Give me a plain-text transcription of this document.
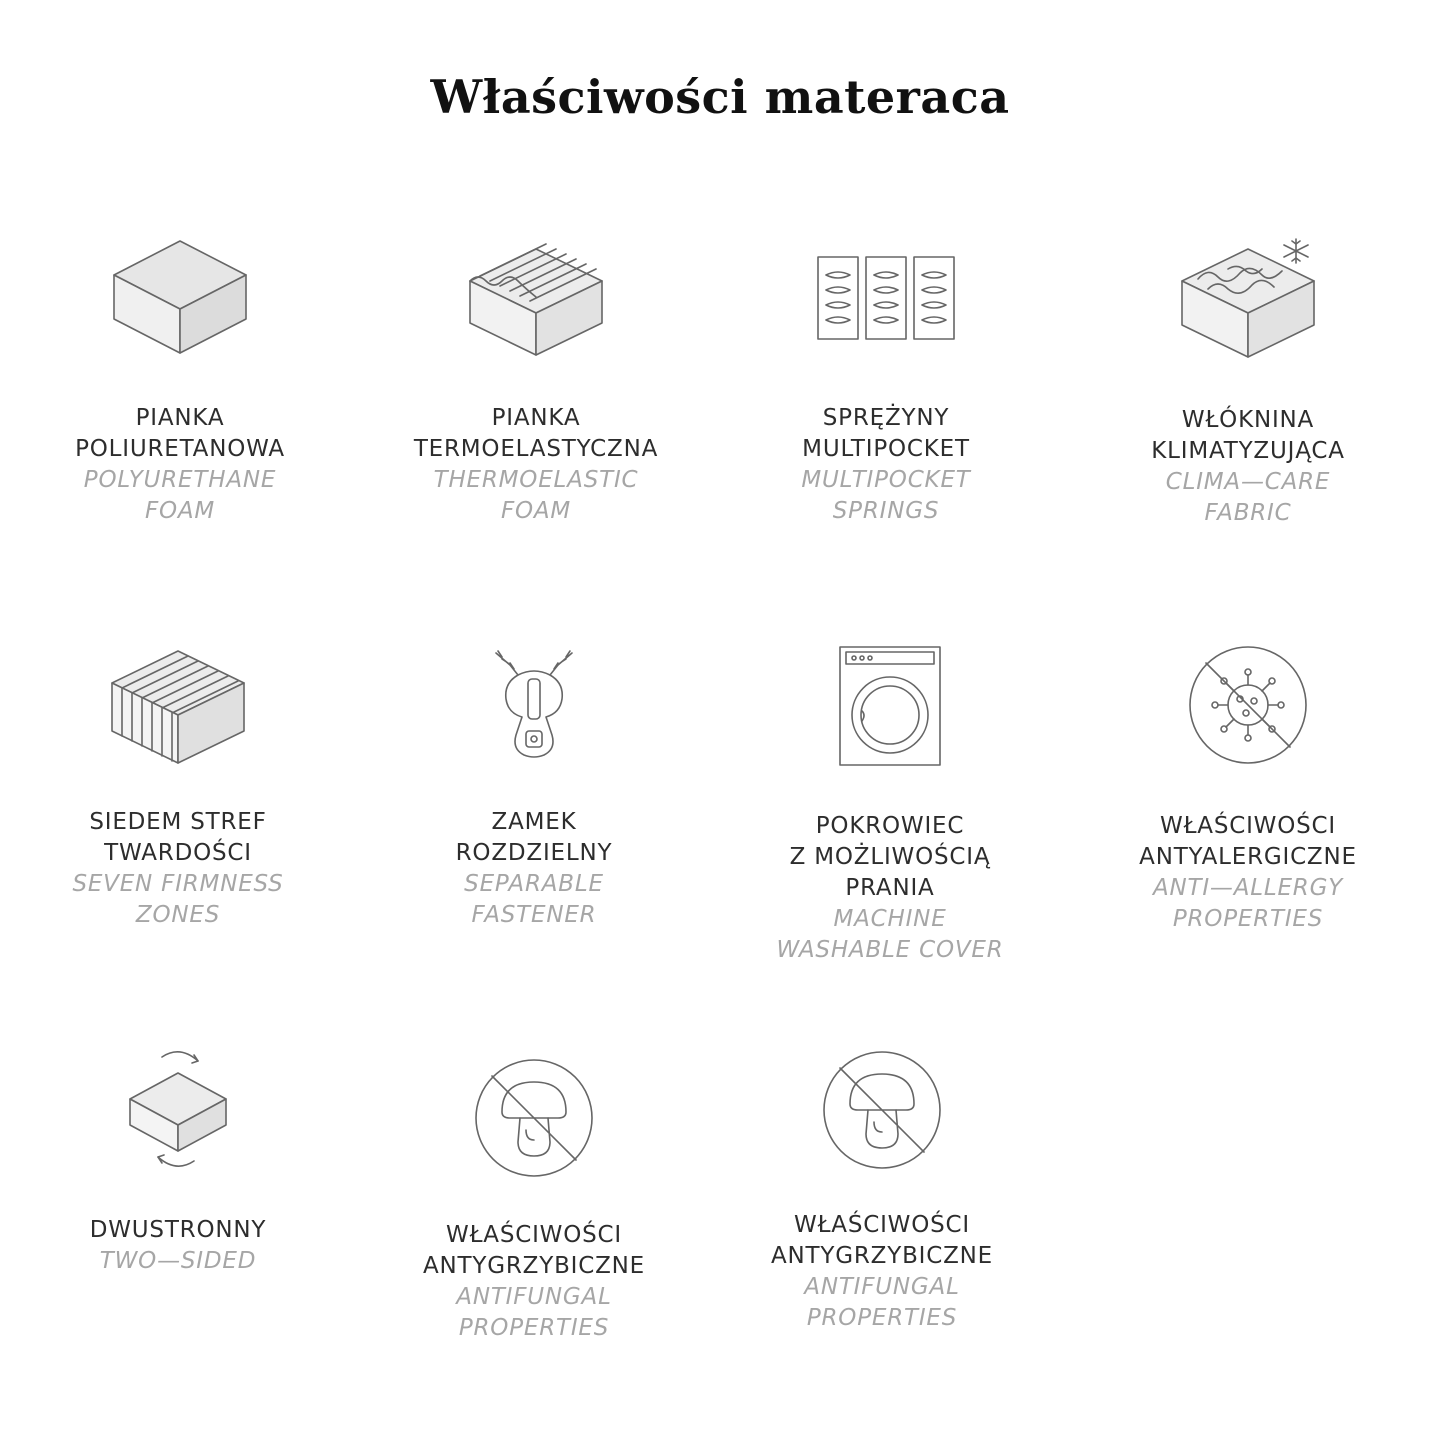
Właściwości materaca
PIANKA
POLIURETANOWA
POLYURETHANE
FOAM
PIANKA
TERMOELASTYCZNA
THERMOELASTIC
FOAM
SPRĘŻYNY
MULTIPOCKET
MULTIPOCKET
SPRINGS
WŁÓKNINA
KLIMATYZUJĄCA
CLIMA—CARE
FABRIC
SIEDEM STREF
TWARDOŚCI
SEVEN FIRMNESS
ZONES
ZAMEK
ROZDZIELNY
SEPARABLE
FASTENER
POKROWIEC
Z MOŻLIWOŚCIĄ
PRANIA
MACHINE
WASHABLE COVER
WŁAŚCIWOŚCI
ANTYALERGICZNE
ANTI—ALLERGY
PROPERTIES
DWUSTRONNY
TWO—SIDED
WŁAŚCIWOŚCI
ANTYGRZYBICZNE
ANTIFUNGAL
PROPERTIES
WŁAŚCIWOŚCI
ANTYGRZYBICZNE
ANTIFUNGAL
PROPERTIES
